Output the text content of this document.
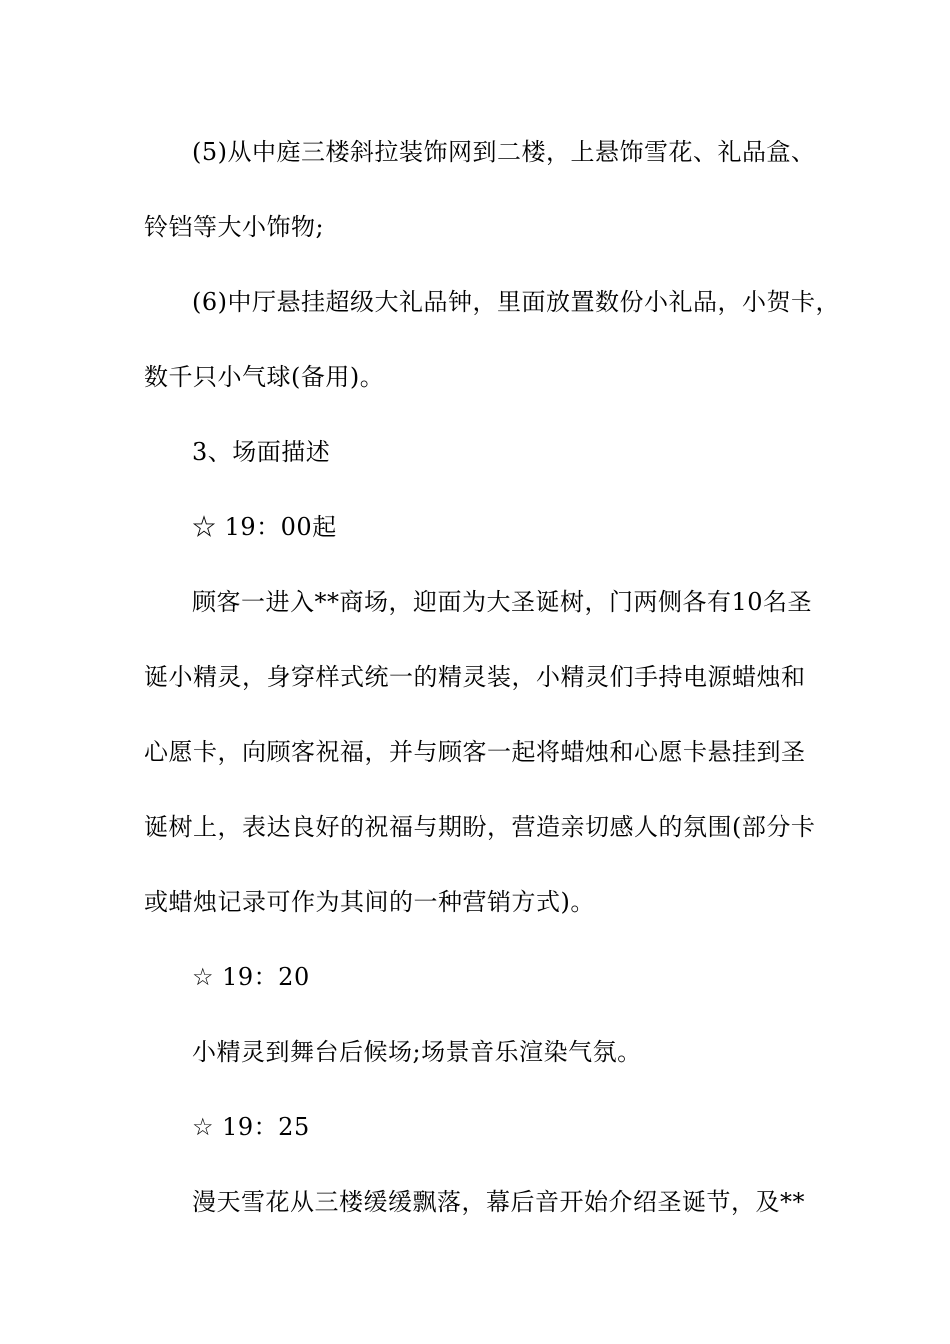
(5)从中庭三楼斜拉装饰网到二楼，上悬饰雪花、礼品盒、
铃铛等大小饰物;
(6)中厅悬挂超级大礼品钟，里面放置数份小礼品，小贺卡，
数千只小气球(备用)。
3、场面描述
☆ 19：00起
顾客一进入**商场，迎面为大圣诞树，门两侧各有10名圣
诞小精灵，身穿样式统一的精灵装，小精灵们手持电源蜡烛和
心愿卡，向顾客祝福，并与顾客一起将蜡烛和心愿卡悬挂到圣
诞树上，表达良好的祝福与期盼，营造亲切感人的氛围(部分卡
或蜡烛记录可作为其间的一种营销方式)。
☆ 19：20
小精灵到舞台后候场;场景音乐渲染气氛。
☆ 19：25
漫天雪花从三楼缓缓飘落，幕后音开始介绍圣诞节，及**
